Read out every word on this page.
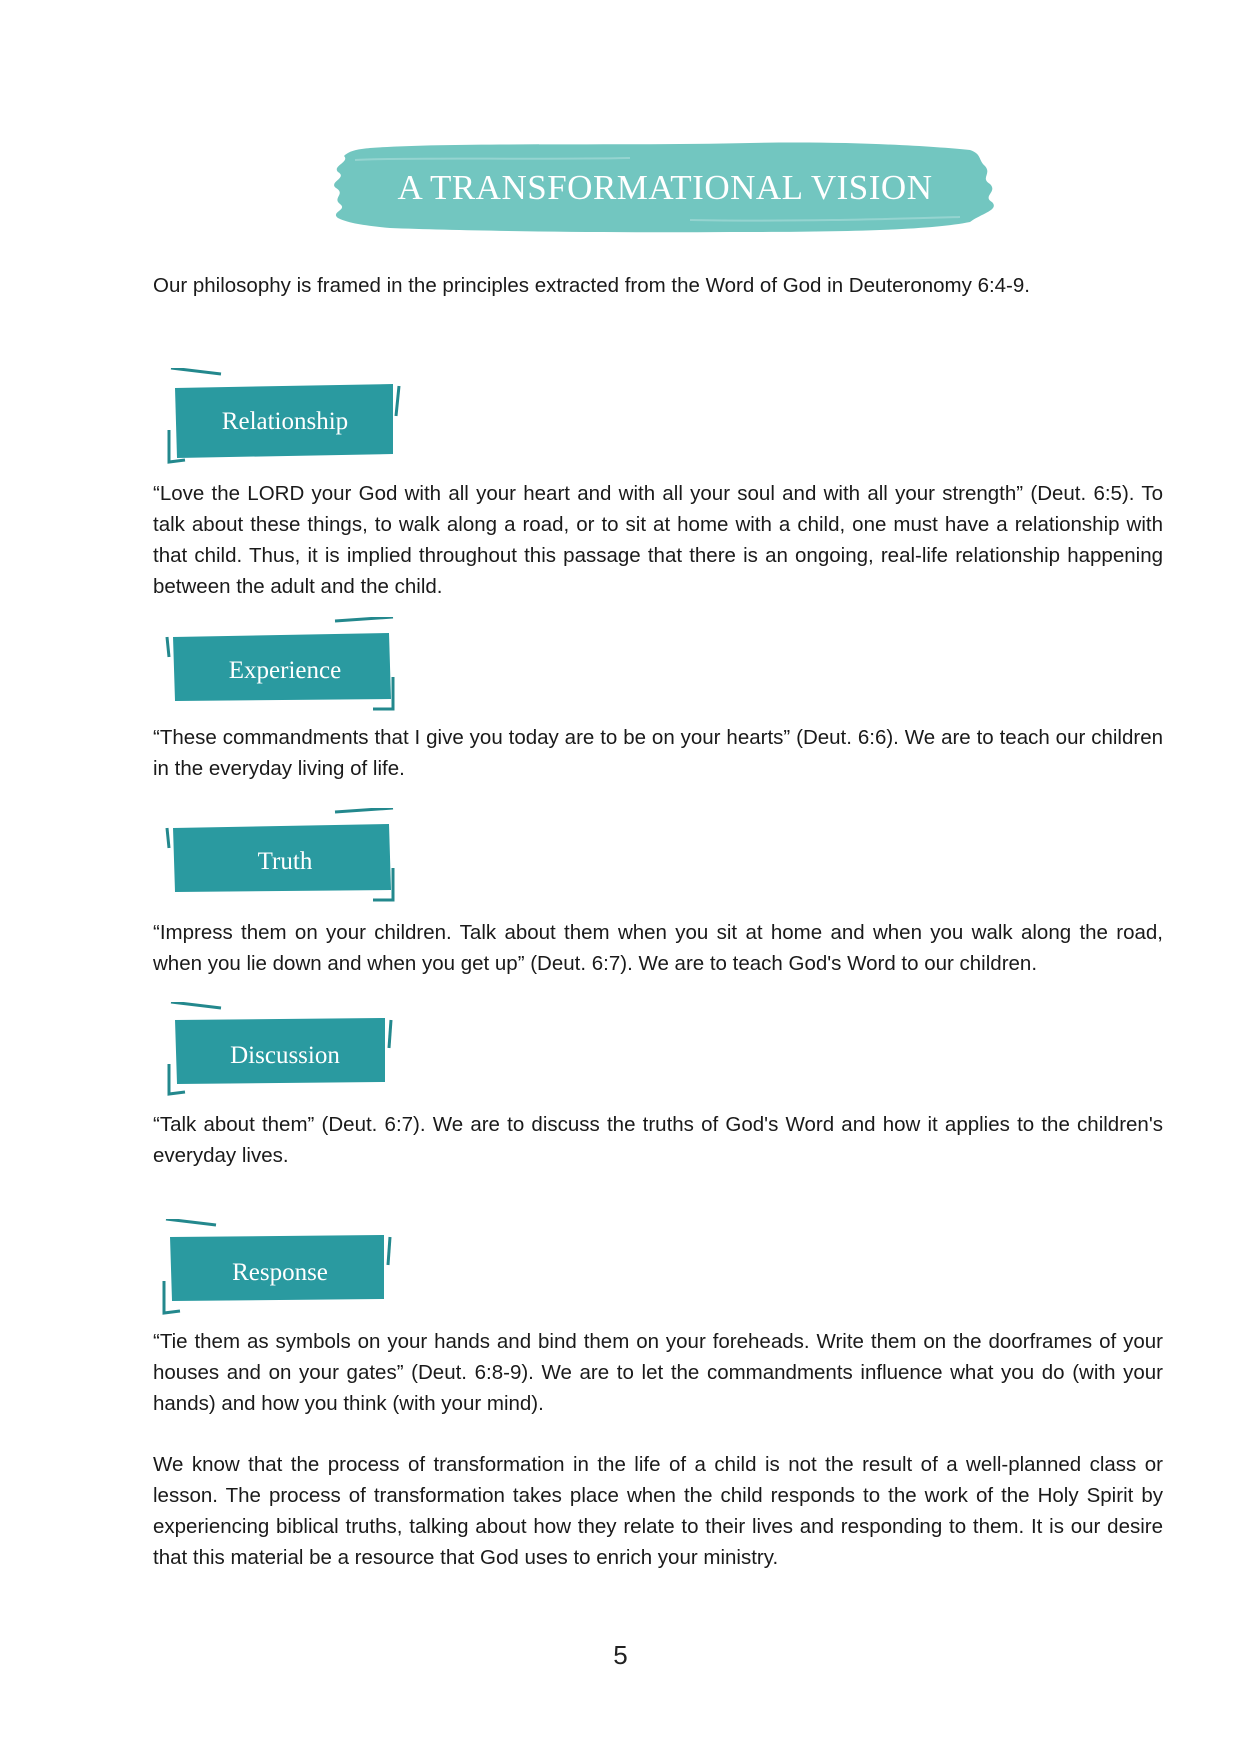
A TRANSFORMATIONAL VISION

Our philosophy is framed in the principles extracted from the Word of God in Deuteronomy 6:4-9.

Relationship

“Love the LORD your God with all your heart and with all your soul and with all your strength” (Deut. 6:5). To talk about these things, to walk along a road, or to sit at home with a child, one must have a relationship with that child. Thus, it is implied throughout this passage that there is an ongoing, real-life relationship happening between the adult and the child.

Experience

“These commandments that I give you today are to be on your hearts” (Deut. 6:6). We are to teach our children in the everyday living of life.

Truth

“Impress them on your children. Talk about them when you sit at home and when you walk along the road, when you lie down and when you get up” (Deut. 6:7). We are to teach God's Word to our children.

Discussion

“Talk about them” (Deut. 6:7). We are to discuss the truths of God's Word and how it applies to the children's everyday lives.

Response

“Tie them as symbols on your hands and bind them on your foreheads. Write them on the doorframes of your houses and on your gates” (Deut. 6:8-9). We are to let the commandments influence what you do (with your hands) and how you think (with your mind).

We know that the process of transformation in the life of a child is not the result of a well-planned class or lesson. The process of transformation takes place when the child responds to the work of the Holy Spirit by experiencing biblical truths, talking about how they relate to their lives and responding to them. It is our desire that this material be a resource that God uses to enrich your ministry.

5
